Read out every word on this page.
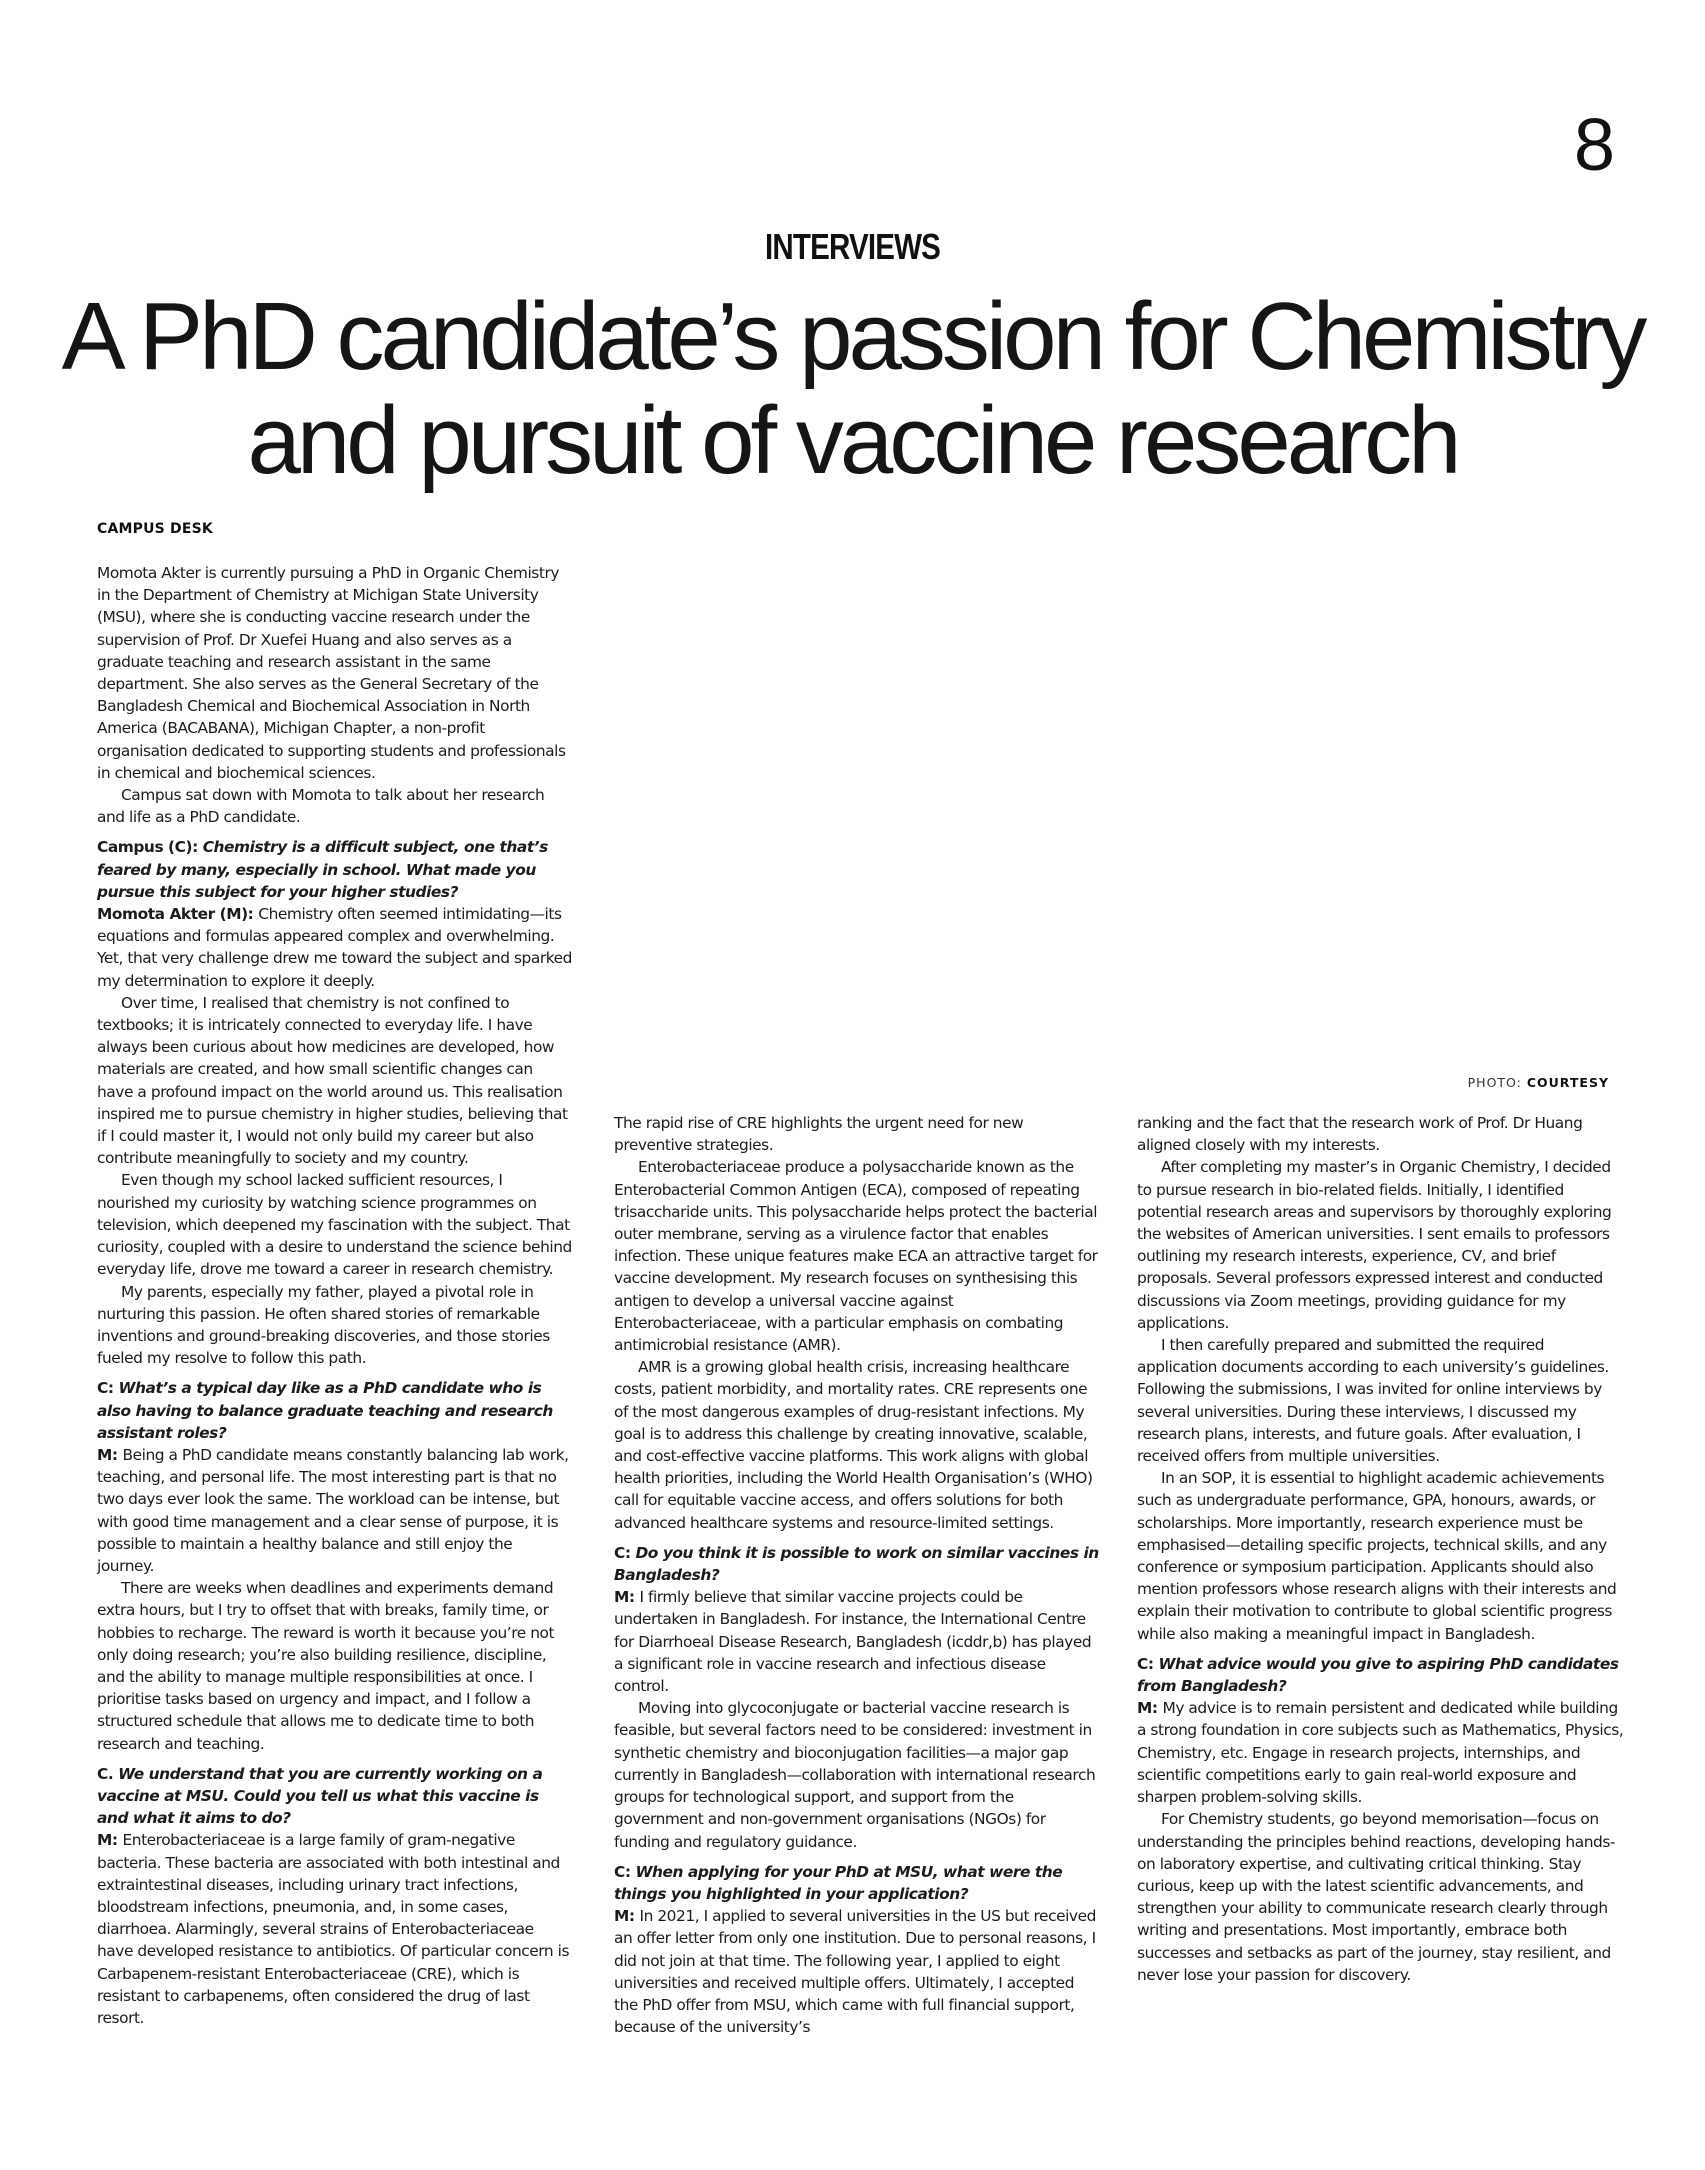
8
INTERVIEWS
A PhD candidate’s passion for Chemistry
and pursuit of vaccine research
CAMPUS DESK
PHOTO: COURTESY

Momota Akter is currently pursuing a PhD in Organic Chemistry in the Department of Chemistry at Michigan State University (MSU), where she is conducting vaccine research under the supervision of Prof. Dr Xuefei Huang and also serves as a graduate teaching and research assistant in the same department. She also serves as the General Secretary of the Bangladesh Chemical and Biochemical Association in North America (BACABANA), Michigan Chapter, a non-profit organisation dedicated to supporting students and professionals in chemical and biochemical sciences.

Campus sat down with Momota to talk about her research and life as a PhD candidate.

Campus (C): Chemistry is a difficult subject, one that’s feared by many, especially in school. What made you pursue this subject for your higher studies?

Momota Akter (M): Chemistry often seemed intimidating—its equations and formulas appeared complex and overwhelming. Yet, that very challenge drew me toward the subject and sparked my determination to explore it deeply.

Over time, I realised that chemistry is not confined to textbooks; it is intricately connected to everyday life. I have always been curious about how medicines are developed, how materials are created, and how small scientific changes can have a profound impact on the world around us. This realisation inspired me to pursue chemistry in higher studies, believing that if I could master it, I would not only build my career but also contribute meaningfully to society and my country.

Even though my school lacked sufficient resources, I nourished my curiosity by watching science programmes on television, which deepened my fascination with the subject. That curiosity, coupled with a desire to understand the science behind everyday life, drove me toward a career in research chemistry.

My parents, especially my father, played a pivotal role in nurturing this passion. He often shared stories of remarkable inventions and ground-breaking discoveries, and those stories fueled my resolve to follow this path.

C: What’s a typical day like as a PhD candidate who is also having to balance graduate teaching and research assistant roles?

M: Being a PhD candidate means constantly balancing lab work, teaching, and personal life. The most interesting part is that no two days ever look the same. The workload can be intense, but with good time management and a clear sense of purpose, it is possible to maintain a healthy balance and still enjoy the journey.

There are weeks when deadlines and experiments demand extra hours, but I try to offset that with breaks, family time, or hobbies to recharge. The reward is worth it because you’re not only doing research; you’re also building resilience, discipline, and the ability to manage multiple responsibilities at once. I prioritise tasks based on urgency and impact, and I follow a structured schedule that allows me to dedicate time to both research and teaching.

C. We understand that you are currently working on a vaccine at MSU. Could you tell us what this vaccine is and what it aims to do?

M: Enterobacteriaceae is a large family of gram-negative bacteria. These bacteria are associated with both intestinal and extraintestinal diseases, including urinary tract infections, bloodstream infections, pneumonia, and, in some cases, diarrhoea. Alarmingly, several strains of Enterobacteriaceae have developed resistance to antibiotics. Of particular concern is Carbapenem-resistant Enterobacteriaceae (CRE), which is resistant to carbapenems, often considered the drug of last resort.

The rapid rise of CRE highlights the urgent need for new preventive strategies.

Enterobacteriaceae produce a polysaccharide known as the Enterobacterial Common Antigen (ECA), composed of repeating trisaccharide units. This polysaccharide helps protect the bacterial outer membrane, serving as a virulence factor that enables infection. These unique features make ECA an attractive target for vaccine development. My research focuses on synthesising this antigen to develop a universal vaccine against Enterobacteriaceae, with a particular emphasis on combating antimicrobial resistance (AMR).

AMR is a growing global health crisis, increasing healthcare costs, patient morbidity, and mortality rates. CRE represents one of the most dangerous examples of drug-resistant infections. My goal is to address this challenge by creating innovative, scalable, and cost-effective vaccine platforms. This work aligns with global health priorities, including the World Health Organisation’s (WHO) call for equitable vaccine access, and offers solutions for both advanced healthcare systems and resource-limited settings.

C: Do you think it is possible to work on similar vaccines in Bangladesh?

M: I firmly believe that similar vaccine projects could be undertaken in Bangladesh. For instance, the International Centre for Diarrhoeal Disease Research, Bangladesh (icddr,b) has played a significant role in vaccine research and infectious disease control.

Moving into glycoconjugate or bacterial vaccine research is feasible, but several factors need to be considered: investment in synthetic chemistry and bioconjugation facilities—a major gap currently in Bangladesh—collaboration with international research groups for technological support, and support from the government and non-government organisations (NGOs) for funding and regulatory guidance.

C: When applying for your PhD at MSU, what were the things you highlighted in your application?

M: In 2021, I applied to several universities in the US but received an offer letter from only one institution. Due to personal reasons, I did not join at that time. The following year, I applied to eight universities and received multiple offers. Ultimately, I accepted the PhD offer from MSU, which came with full financial support, because of the university’s

ranking and the fact that the research work of Prof. Dr Huang aligned closely with my interests.

After completing my master’s in Organic Chemistry, I decided to pursue research in bio-related fields. Initially, I identified potential research areas and supervisors by thoroughly exploring the websites of American universities. I sent emails to professors outlining my research interests, experience, CV, and brief proposals. Several professors expressed interest and conducted discussions via Zoom meetings, providing guidance for my applications.

I then carefully prepared and submitted the required application documents according to each university’s guidelines. Following the submissions, I was invited for online interviews by several universities. During these interviews, I discussed my research plans, interests, and future goals. After evaluation, I received offers from multiple universities.

In an SOP, it is essential to highlight academic achievements such as undergraduate performance, GPA, honours, awards, or scholarships. More importantly, research experience must be emphasised—detailing specific projects, technical skills, and any conference or symposium participation. Applicants should also mention professors whose research aligns with their interests and explain their motivation to contribute to global scientific progress while also making a meaningful impact in Bangladesh.

C: What advice would you give to aspiring PhD candidates from Bangladesh?

M: My advice is to remain persistent and dedicated while building a strong foundation in core subjects such as Mathematics, Physics, Chemistry, etc. Engage in research projects, internships, and scientific competitions early to gain real-world exposure and sharpen problem-solving skills.

For Chemistry students, go beyond memorisation—focus on understanding the principles behind reactions, developing hands-on laboratory expertise, and cultivating critical thinking. Stay curious, keep up with the latest scientific advancements, and strengthen your ability to communicate research clearly through writing and presentations. Most importantly, embrace both successes and setbacks as part of the journey, stay resilient, and never lose your passion for discovery.
